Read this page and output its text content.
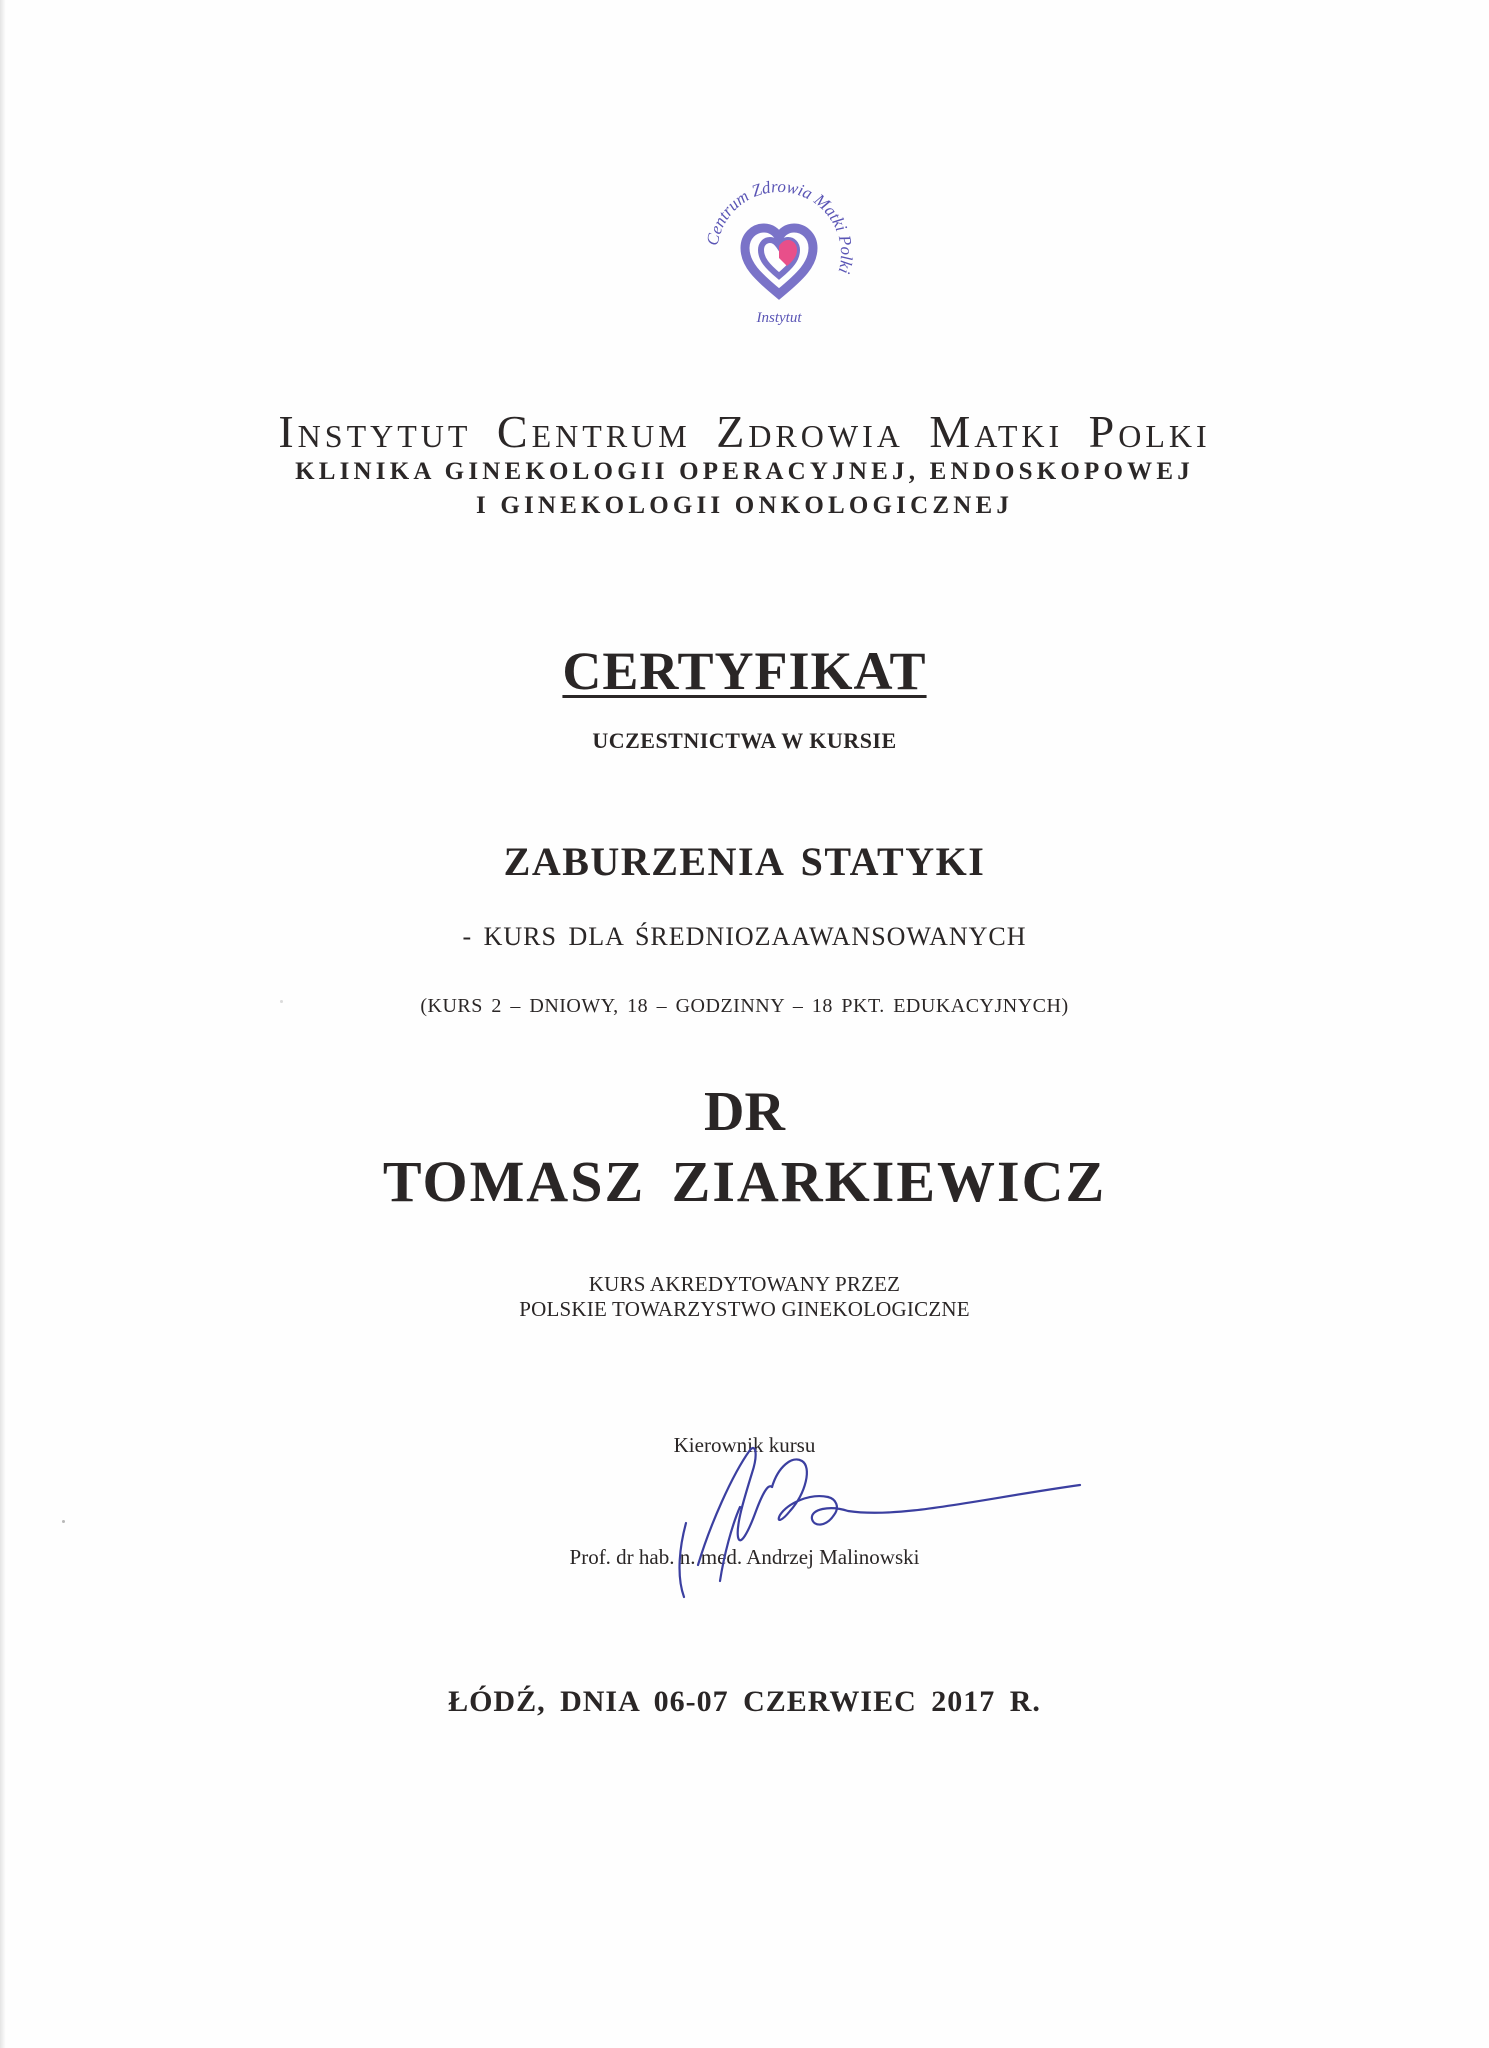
Centrum Zdrowia Matki Polki
Instytut
Instytut Centrum Zdrowia Matki Polki
KLINIKA GINEKOLOGII OPERACYJNEJ, ENDOSKOPOWEJ
I GINEKOLOGII ONKOLOGICZNEJ
CERTYFIKAT
UCZESTNICTWA W KURSIE
ZABURZENIA STATYKI
- KURS DLA ŚREDNIOZAAWANSOWANYCH
(KURS 2 – DNIOWY, 18 – GODZINNY – 18 PKT. EDUKACYJNYCH)
DR
TOMASZ ZIARKIEWICZ
KURS AKREDYTOWANY PRZEZ
POLSKIE TOWARZYSTWO GINEKOLOGICZNE
Kierownik kursu
Prof. dr hab. n. med. Andrzej Malinowski
ŁÓDŹ, DNIA 06-07 CZERWIEC 2017 R.
